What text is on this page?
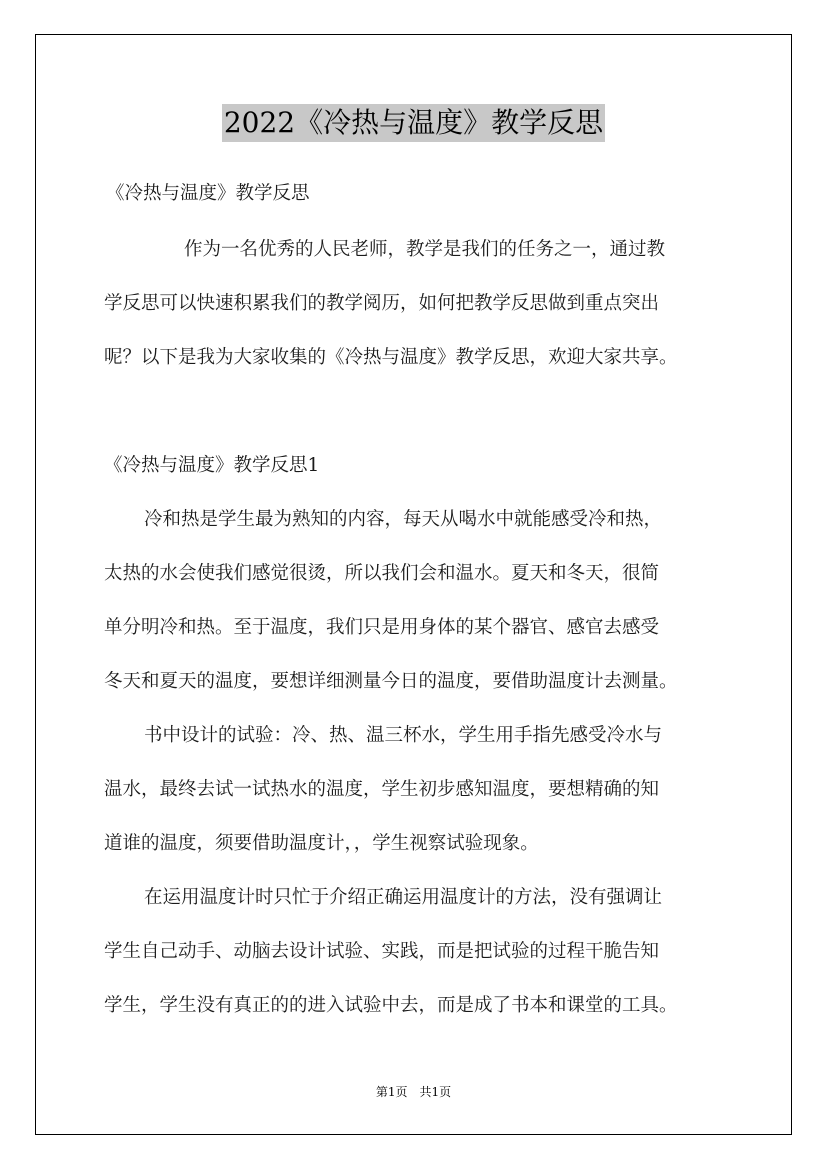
2022《冷热与温度》教学反思
《冷热与温度》教学反思
作为一名优秀的人民老师，教学是我们的任务之一，通过教
学反思可以快速积累我们的教学阅历，如何把教学反思做到重点突出
呢？以下是我为大家收集的《冷热与温度》教学反思，欢迎大家共享。
《冷热与温度》教学反思1
冷和热是学生最为熟知的内容，每天从喝水中就能感受冷和热，
太热的水会使我们感觉很烫，所以我们会和温水。夏天和冬天，很简
单分明冷和热。至于温度，我们只是用身体的某个器官、感官去感受
冬天和夏天的温度，要想详细测量今日的温度，要借助温度计去测量。
书中设计的试验：冷、热、温三杯水，学生用手指先感受冷水与
温水，最终去试一试热水的温度，学生初步感知温度，要想精确的知
道谁的温度，须要借助温度计，，学生视察试验现象。
在运用温度计时只忙于介绍正确运用温度计的方法，没有强调让
学生自己动手、动脑去设计试验、实践，而是把试验的过程干脆告知
学生，学生没有真正的的进入试验中去，而是成了书本和课堂的工具。
第1页　共1页
